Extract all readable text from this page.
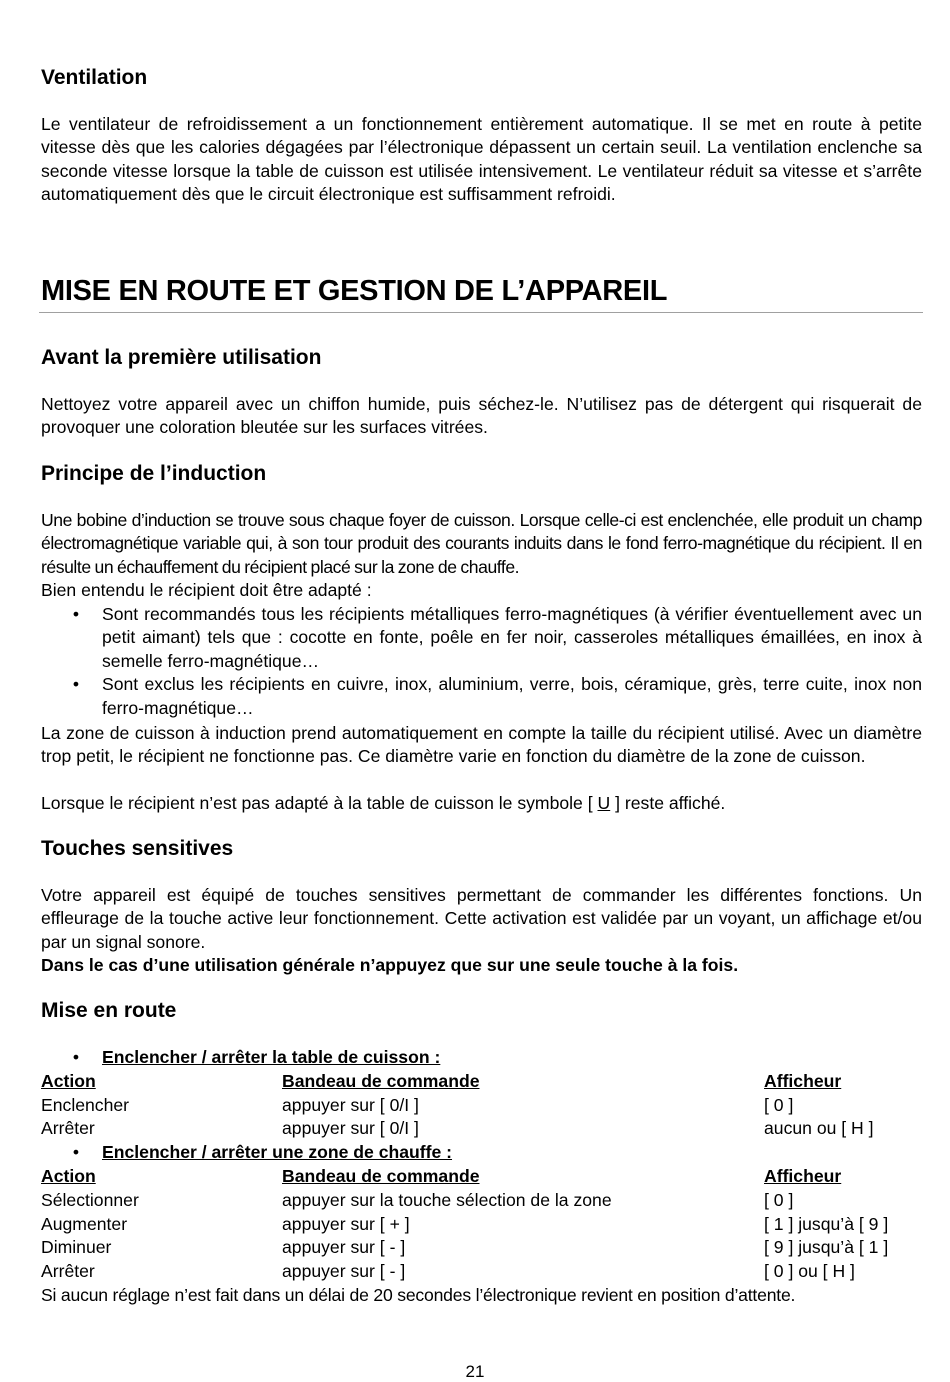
Ventilation

Le ventilateur de refroidissement a un fonctionnement entièrement automatique. Il se met en route à petite vitesse dès que les calories dégagées par l’électronique dépassent un certain seuil. La ventilation enclenche sa seconde vitesse lorsque la table de cuisson est utilisée intensivement. Le ventilateur réduit sa vitesse et s’arrête automatiquement dès que le circuit électronique est suffisamment refroidi.

MISE EN ROUTE ET GESTION DE L’APPAREIL
Avant la première utilisation

Nettoyez votre appareil avec un chiffon humide, puis séchez-le. N’utilisez pas de détergent qui risquerait de provoquer une coloration bleutée sur les surfaces vitrées.

Principe de l’induction

Une bobine d’induction se trouve sous chaque foyer de cuisson. Lorsque celle-ci est enclenchée, elle produit un champ électromagnétique variable qui, à son tour produit des courants induits dans le fond ferro-magnétique du récipient. Il en résulte un échauffement du récipient placé sur la zone de chauffe.

Bien entendu le récipient doit être adapté :

• Sont recommandés tous les récipients métalliques ferro-magnétiques (à vérifier éventuellement avec un petit aimant) tels que : cocotte en fonte, poêle en fer noir, casseroles métalliques émaillées, en inox à semelle ferro-magnétique…
• Sont exclus les récipients en cuivre, inox, aluminium, verre, bois, céramique, grès, terre cuite, inox non ferro-magnétique…

La zone de cuisson à induction prend automatiquement en compte la taille du récipient utilisé. Avec un diamètre trop petit, le récipient ne fonctionne pas. Ce diamètre varie en fonction du diamètre de la zone de cuisson.

Lorsque le récipient n’est pas adapté à la table de cuisson le symbole [ U ] reste affiché.

Touches sensitives

Votre appareil est équipé de touches sensitives permettant de commander les différentes fonctions. Un effleurage de la touche active leur fonctionnement. Cette activation est validée par un voyant, un affichage et/ou par un signal sonore.

Dans le cas d’une utilisation générale n’appuyez que sur une seule touche à la fois.

Mise en route
• Enclencher / arrêter la table de cuisson :
Action	Bandeau de commande	Afficheur
Enclencher	appuyer sur [ 0/I ]	[ 0 ]
Arrêter	appuyer sur [ 0/I ]	aucun ou [ H ]
• Enclencher / arrêter une zone de chauffe :
Action	Bandeau de commande	Afficheur
Sélectionner	appuyer sur la touche sélection de la zone	[ 0 ]
Augmenter	appuyer sur [ + ]	[ 1 ] jusqu’à [ 9 ]
Diminuer	appuyer sur [ - ]	[ 9 ] jusqu’à [ 1 ]
Arrêter	appuyer sur [ - ]	[ 0 ] ou [ H ]
Si aucun réglage n’est fait dans un délai de 20 secondes l’électronique revient en position d’attente.
21
